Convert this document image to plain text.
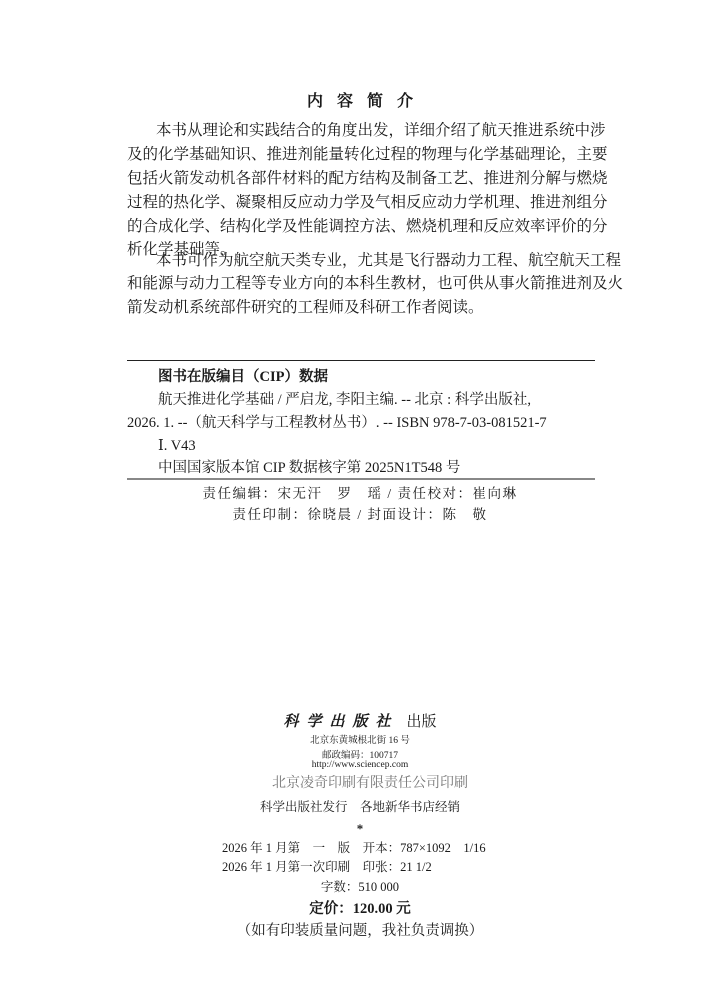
内容简介
本书从理论和实践结合的角度出发，详细介绍了航天推进系统中涉
及的化学基础知识、推进剂能量转化过程的物理与化学基础理论，主要
包括火箭发动机各部件材料的配方结构及制备工艺、推进剂分解与燃烧
过程的热化学、凝聚相反应动力学及气相反应动力学机理、推进剂组分
的合成化学、结构化学及性能调控方法、燃烧机理和反应效率评价的分
析化学基础等。
本书可作为航空航天类专业，尤其是飞行器动力工程、航空航天工程
和能源与动力工程等专业方向的本科生教材，也可供从事火箭推进剂及火
箭发动机系统部件研究的工程师及科研工作者阅读。
图书在版编目（CIP）数据
航天推进化学基础 / 严启龙, 李阳主编. -- 北京 : 科学出版社,
2026. 1. --（航天科学与工程教材丛书）. -- ISBN 978-7-03-081521-7
Ⅰ. V43
中国国家版本馆 CIP 数据核字第 2025N1T548 号
责任编辑：宋无汗　罗　瑶 / 责任校对：崔向琳
责任印制：徐晓晨 / 封面设计：陈　敬
科学出版社 出版
北京东黄城根北街 16 号
邮政编码：100717
http://www.sciencep.com
北京凌奇印刷有限责任公司印刷
科学出版社发行　各地新华书店经销
*
2026 年 1 月第　一　版　开本：787×1092　1/16
2026 年 1 月第一次印刷　印张：21 1/2
字数：510 000
定价：120.00 元
（如有印装质量问题，我社负责调换）
